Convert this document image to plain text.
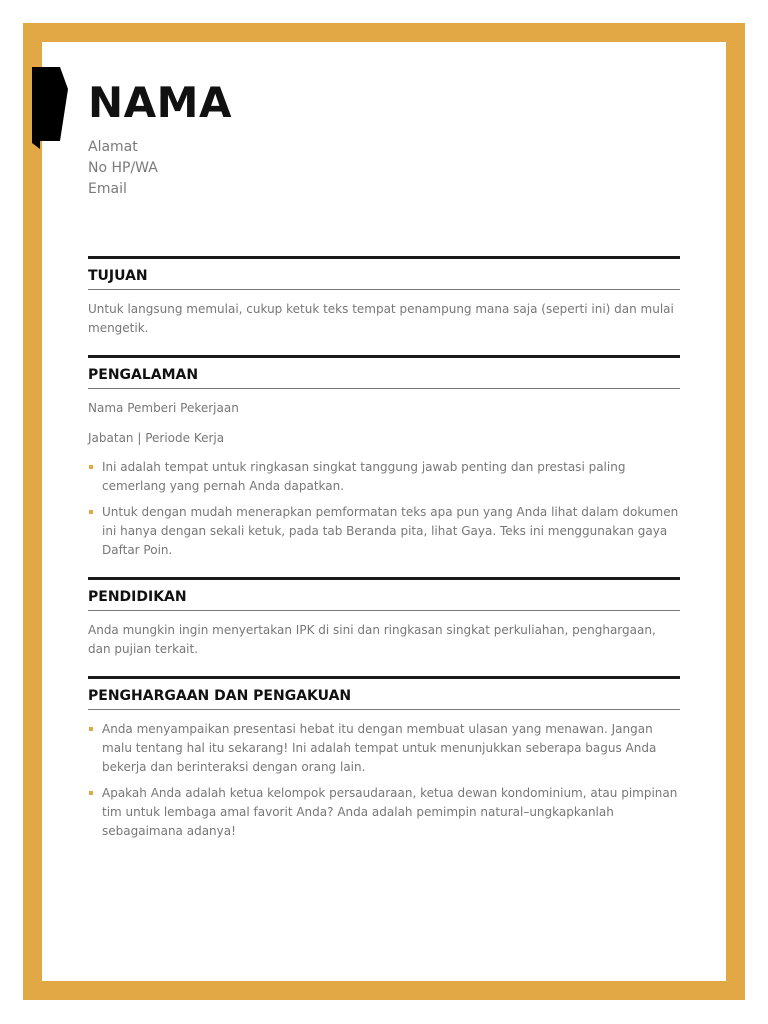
NAMA
Alamat
No HP/WA
Email
TUJUAN

Untuk langsung memulai, cukup ketuk teks tempat penampung mana saja (seperti ini) dan mulai mengetik.

PENGALAMAN

Nama Pemberi Pekerjaan

Jabatan | Periode Kerja

Ini adalah tempat untuk ringkasan singkat tanggung jawab penting dan prestasi paling cemerlang yang pernah Anda dapatkan.
Untuk dengan mudah menerapkan pemformatan teks apa pun yang Anda lihat dalam dokumen ini hanya dengan sekali ketuk, pada tab Beranda pita, lihat Gaya. Teks ini menggunakan gaya Daftar Poin.
PENDIDIKAN

Anda mungkin ingin menyertakan IPK di sini dan ringkasan singkat perkuliahan, penghargaan, dan pujian terkait.

PENGHARGAAN DAN PENGAKUAN
Anda menyampaikan presentasi hebat itu dengan membuat ulasan yang menawan. Jangan malu tentang hal itu sekarang! Ini adalah tempat untuk menunjukkan seberapa bagus Anda bekerja dan berinteraksi dengan orang lain.
Apakah Anda adalah ketua kelompok persaudaraan, ketua dewan kondominium, atau pimpinan tim untuk lembaga amal favorit Anda? Anda adalah pemimpin natural–ungkapkanlah sebagaimana adanya!
